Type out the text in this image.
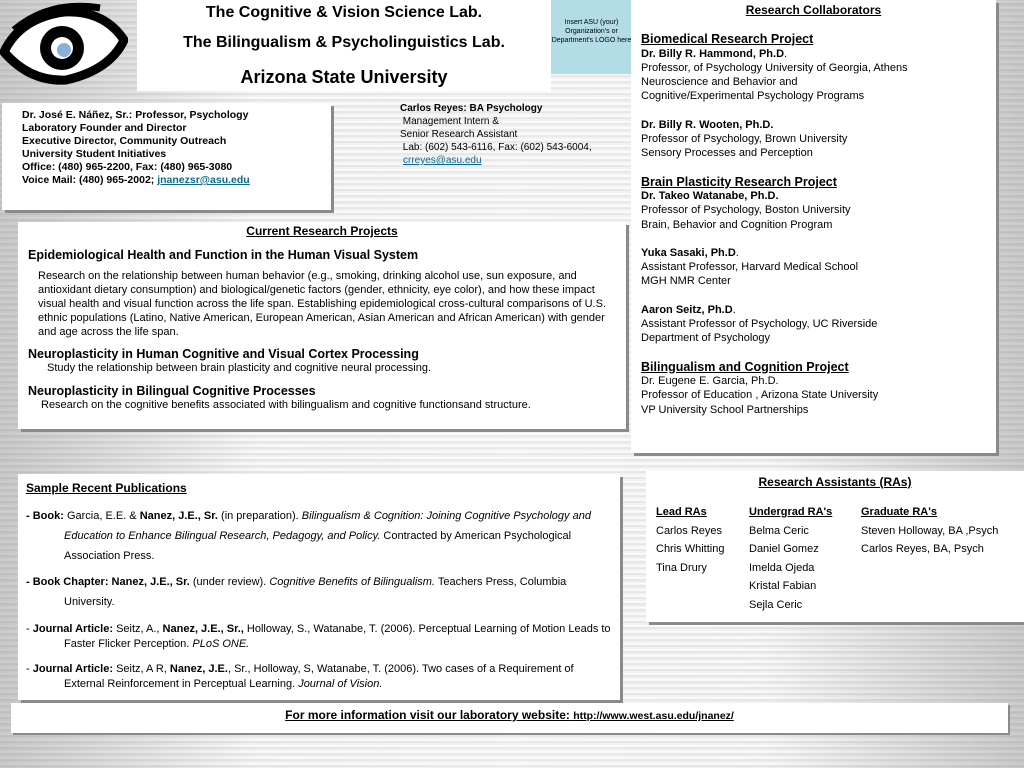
The Cognitive & Vision Science Lab.
The Bilingualism & Psycholinguistics Lab.
Arizona State University
Insert ASU (your) Organization's or Department's LOGO here
Dr. José E. Náñez, Sr.: Professor, Psychology
Laboratory Founder and Director
Executive Director, Community Outreach
University Student Initiatives
Office: (480) 965-2200, Fax: (480) 965-3080
Voice Mail: (480) 965-2002; jnanezsr@asu.edu
Carlos Reyes: BA Psychology
Management Intern &
Senior Research Assistant
Lab: (602) 543-6116, Fax: (602) 543-6004,
crreyes@asu.edu
Current Research Projects
Epidemiological Health and Function in the Human Visual System

Research on the relationship between human behavior (e.g., smoking, drinking alcohol use, sun exposure, and antioxidant dietary consumption) and biological/genetic factors (gender, ethnicity, eye color), and how these impact visual health and visual function across the life span. Establishing epidemiological cross-cultural comparisons of U.S. ethnic populations (Latino, Native American, European American, Asian American and African American) with gender and age across the life span.

Neuroplasticity in Human Cognitive and Visual Cortex Processing

Study the relationship between brain plasticity and cognitive neural processing.

Neuroplasticity in Bilingual Cognitive Processes

Research on the cognitive benefits associated with bilingualism and cognitive functionsand structure.

Research Collaborators
Biomedical Research Project
Dr. Billy R. Hammond, Ph.D.
Professor, of Psychology University of Georgia, Athens
Neuroscience and Behavior and
Cognitive/Experimental Psychology Programs
Dr. Billy R. Wooten, Ph.D.
Professor of Psychology, Brown University
Sensory Processes and Perception
Brain Plasticity Research Project
Dr. Takeo Watanabe, Ph.D.
Professor of Psychology, Boston University
Brain, Behavior and Cognition Program
Yuka Sasaki, Ph.D.
Assistant Professor, Harvard Medical School
MGH NMR Center
Aaron Seitz, Ph.D.
Assistant Professor of Psychology, UC Riverside
Department of Psychology
Bilingualism and Cognition Project
Dr. Eugene E. Garcia, Ph.D.
Professor of Education , Arizona State University
VP University School Partnerships
Sample Recent Publications
- Book: Garcia, E.E. & Nanez, J.E., Sr. (in preparation). Bilingualism & Cognition: Joining Cognitive Psychology and Education to Enhance Bilingual Research, Pedagogy, and Policy. Contracted by American Psychological Association Press.
- Book Chapter: Nanez, J.E., Sr. (under review). Cognitive Benefits of Bilingualism. Teachers Press, Columbia University.
- Journal Article: Seitz, A., Nanez, J.E., Sr., Holloway, S., Watanabe, T. (2006). Perceptual Learning of Motion Leads to Faster Flicker Perception. PLoS ONE.
- Journal Article: Seitz, A R, Nanez, J.E., Sr., Holloway, S, Watanabe, T. (2006). Two cases of a Requirement of External Reinforcement in Perceptual Learning. Journal of Vision.
Research Assistants (RAs)
Lead RAs
Carlos Reyes
Chris Whitting
Tina Drury
Undergrad RA's
Belma Ceric
Daniel Gomez
Imelda Ojeda
Kristal Fabian
Sejla Ceric
Graduate RA's
Steven Holloway, BA ,Psych
Carlos Reyes, BA, Psych
For more information visit our laboratory website: http://www.west.asu.edu/jnanez/
